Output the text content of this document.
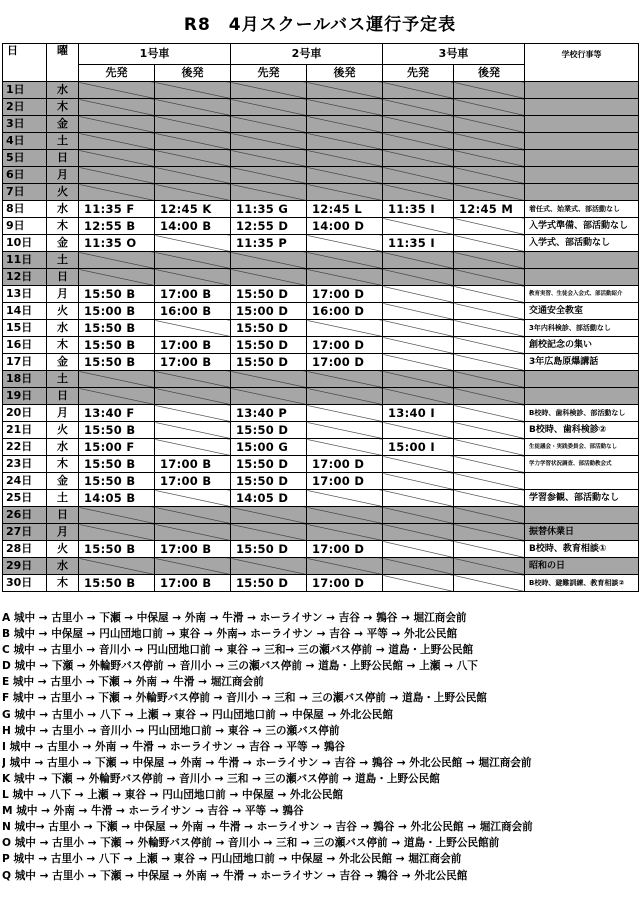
R8　4月スクールバス運行予定表
日	曜	1号車		2号車		3号車		学校行事等
		先発	後発	先発	後発	先発	後発	
1日	水							
2日	木							
3日	金							
4日	土							
5日	日							
6日	月							
7日	火							
8日	水	11:35 F	12:45 K	11:35 G	12:45 L	11:35 I	12:45 M	着任式、始業式、部活動なし
9日	木	12:55 B	14:00 B	12:55 D	14:00 D			入学式準備、部活動なし
10日	金	11:35 O		11:35 P		11:35 I		入学式、部活動なし
11日	土							
12日	日							
13日	月	15:50 B	17:00 B	15:50 D	17:00 D			教育実習、生徒会入会式、部活動紹介
14日	火	15:00 B	16:00 B	15:00 D	16:00 D			交通安全教室
15日	水	15:50 B		15:50 D				3年内科検診、部活動なし
16日	木	15:50 B	17:00 B	15:50 D	17:00 D			創校記念の集い
17日	金	15:50 B	17:00 B	15:50 D	17:00 D			3年広島原爆講話
18日	土							
19日	日							
20日	月	13:40 F		13:40 P		13:40 I		B校時、歯科検診、部活動なし
21日	火	15:50 B		15:50 D				B校時、歯科検診②
22日	水	15:00 F		15:00 G		15:00 I		生徒議会・実践委員会、部活動なし
23日	木	15:50 B	17:00 B	15:50 D	17:00 D			学力学習状況調査、部活動教会式
24日	金	15:50 B	17:00 B	15:50 D	17:00 D			
25日	土	14:05 B		14:05 D				学習参観、部活動なし
26日	日							
27日	月							振替休業日
28日	火	15:50 B	17:00 B	15:50 D	17:00 D			B校時、教育相談①
29日	水							昭和の日
30日	木	15:50 B	17:00 B	15:50 D	17:00 D			B校時、避難訓練、教育相談②
A 城中 → 古里小 → 下瀬 → 中保屋 → 外南 → 牛滑 → ホーライサン → 吉谷 → 鶉谷 → 堀江商会前
B 城中 → 中保屋 → 円山団地口前 → 東谷 → 外南→ ホーライサン → 吉谷 → 平等 → 外北公民館
C 城中 → 古里小 → 音川小 → 円山団地口前 → 東谷 → 三和→ 三の瀬バス停前 → 道島・上野公民館
D 城中 → 下瀬 → 外輪野バス停前 → 音川小 → 三の瀬バス停前 → 道島・上野公民館 → 上瀬 → 八下
E 城中 → 古里小 → 下瀬 → 外南 → 牛滑 → 堀江商会前
F 城中 → 古里小 → 下瀬 → 外輪野バス停前 → 音川小 → 三和 → 三の瀬バス停前 → 道島・上野公民館
G 城中 → 古里小 → 八下 → 上瀬 → 東谷 → 円山団地口前 → 中保屋 → 外北公民館
H 城中 → 古里小 → 音川小 → 円山団地口前 → 東谷 → 三の瀬バス停前
I 城中 → 古里小 → 外南 → 牛滑 → ホーライサン → 吉谷 → 平等 → 鶉谷
J 城中 → 古里小 → 下瀬 → 中保屋 → 外南 → 牛滑 → ホーライサン → 吉谷 → 鶉谷 → 外北公民館 → 堀江商会前
K 城中 → 下瀬 → 外輪野バス停前 → 音川小 → 三和 → 三の瀬バス停前 → 道島・上野公民館
L 城中 → 八下 → 上瀬 → 東谷 → 円山団地口前 → 中保屋 → 外北公民館
M 城中 → 外南 → 牛滑 → ホーライサン → 吉谷 → 平等 → 鶉谷
N 城中→ 古里小 → 下瀬 → 中保屋 → 外南 → 牛滑 → ホーライサン → 吉谷 → 鶉谷 → 外北公民館 → 堀江商会前
O 城中 → 古里小 → 下瀬 → 外輪野バス停前 → 音川小 → 三和 → 三の瀬バス停前 → 道島・上野公民館前
P 城中 → 古里小 → 八下 → 上瀬 → 東谷 → 円山団地口前 → 中保屋 → 外北公民館 → 堀江商会前
Q 城中 → 古里小 → 下瀬 → 中保屋 → 外南 → 牛滑 → ホーライサン → 吉谷 → 鶉谷 → 外北公民館
